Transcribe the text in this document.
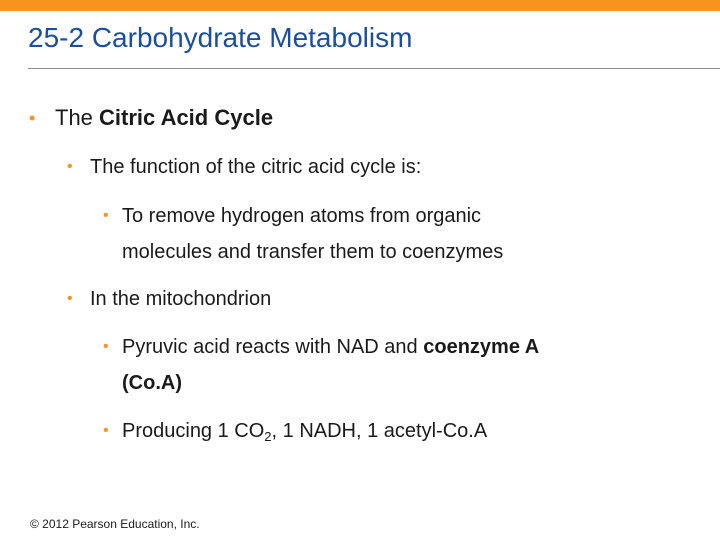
25-2 Carbohydrate Metabolism
• The Citric Acid Cycle
• The function of the citric acid cycle is:
• To remove hydrogen atoms from organic
molecules and transfer them to coenzymes
• In the mitochondrion
• Pyruvic acid reacts with NAD and coenzyme A
(Co.A)
• Producing 1 $CO_2$, 1 NADH, 1 acetyl-Co.A
© 2012 Pearson Education, Inc.
